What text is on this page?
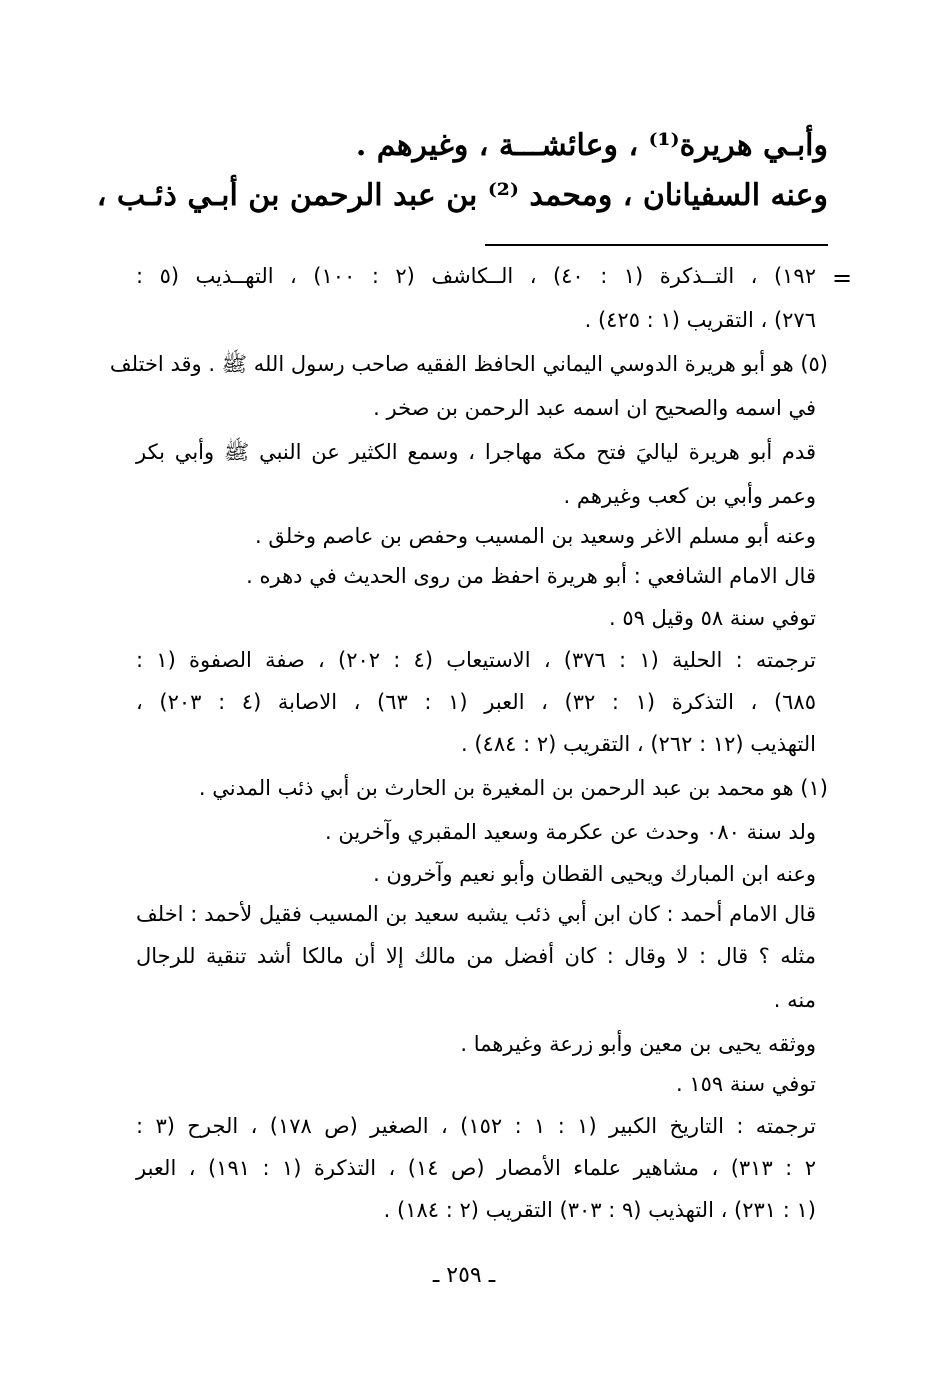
وأبـي هريرة⁽¹⁾ ، وعائشـــة ، وغيرهم .
وعنه السفيانان ، ومحمد ⁽²⁾ بن عبد الرحمن بن أبـي ذئـب ،
=
١٩٢) ، التــذكرة (١ : ٤٠) ، الــكاشف (٢ : ١٠٠) ، التهــذيب (٥ :
٢٧٦) ، التقريب (١ : ٤٢٥) .
(٥) هو أبو هريرة الدوسي اليماني الحافظ الفقيه صاحب رسول الله ﷺ . وقد اختلف
في اسمه والصحيح ان اسمه عبد الرحمن بن صخر .
قدم أبو هريرة لياليَ فتح مكة مهاجرا ، وسمع الكثير عن النبي ﷺ وأبي بكر
وعمر وأبي بن كعب وغيرهم .
وعنه أبو مسلم الاغر وسعيد بن المسيب وحفص بن عاصم وخلق .
قال الامام الشافعي : أبو هريرة احفظ من روى الحديث في دهره .
توفي سنة ٥٨ وقيل ٥٩ .
ترجمته : الحلية (١ : ٣٧٦) ، الاستيعاب (٤ : ٢٠٢) ، صفة الصفوة (١ :
٦٨٥) ، التذكرة (١ : ٣٢) ، العبر (١ : ٦٣) ، الاصابة (٤ : ٢٠٣) ،
التهذيب (١٢ : ٢٦٢) ، التقريب (٢ : ٤٨٤) .
(١) هو محمد بن عبد الرحمن بن المغيرة بن الحارث بن أبي ذئب المدني .
ولد سنة ٠٨٠ وحدث عن عكرمة وسعيد المقبري وآخرين .
وعنه ابن المبارك ويحيى القطان وأبو نعيم وآخرون .
قال الامام أحمد : كان ابن أبي ذئب يشبه سعيد بن المسيب فقيل لأحمد : اخلف
مثله ؟ قال : لا وقال : كان أفضل من مالك إلا أن مالكا أشد تنقية للرجال
منه .
ووثقه يحيى بن معين وأبو زرعة وغيرهما .
توفي سنة ١٥٩ .
ترجمته : التاريخ الكبير (١ : ١ : ١٥٢) ، الصغير (ص ١٧٨) ، الجرح (٣ :
٢ : ٣١٣) ، مشاهير علماء الأمصار (ص ١٤) ، التذكرة (١ : ١٩١) ، العبر
(١ : ٢٣١) ، التهذيب (٩ : ٣٠٣) التقريب (٢ : ١٨٤) .
ـ ٢٥٩ ـ
